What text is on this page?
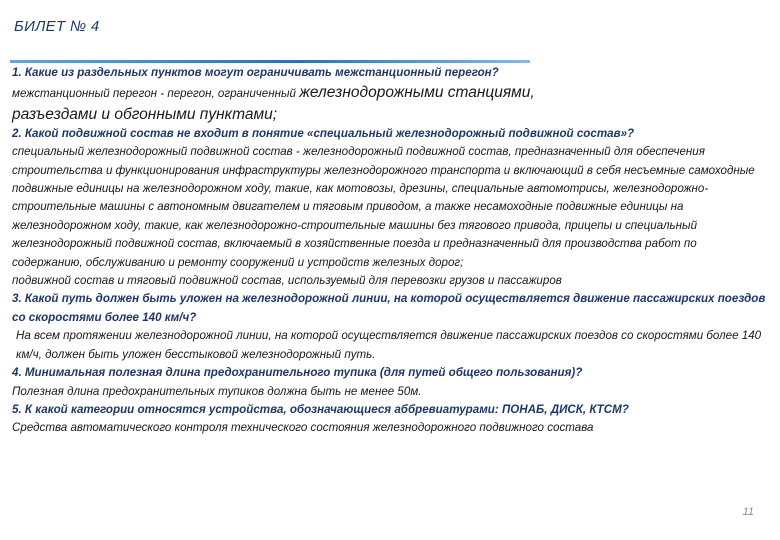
БИЛЕТ № 4

1. Какие из раздельных пунктов могут ограничивать межстанционный перегон?

межстанционный перегон - перегон, ограниченный железнодорожными станциями,

разъездами и обгонными пунктами;

2. Какой подвижной состав не входит в понятие «специальный железнодорожный подвижной состав»?

специальный железнодорожный подвижной состав - железнодорожный подвижной состав, предназначенный для обеспечения строительства и функционирования инфраструктуры железнодорожного транспорта и включающий в себя несъемные самоходные подвижные единицы на железнодорожном ходу, такие, как мотовозы, дрезины, специальные автомотрисы, железнодорожно-строительные машины с автономным двигателем и тяговым приводом, а также несамоходные подвижные единицы на железнодорожном ходу, такие, как железнодорожно-строительные машины без тягового привода, прицепы и специальный железнодорожный подвижной состав, включаемый в хозяйственные поезда и предназначенный для производства работ по содержанию, обслуживанию и ремонту сооружений и устройств железных дорог;

подвижной состав и тяговый подвижной состав, используемый для перевозки грузов и пассажиров

3. Какой путь должен быть уложен на железнодорожной линии, на которой осуществляется движение пассажирских поездов со скоростями более 140 км/ч?

На всем протяжении железнодорожной линии, на которой осуществляется движение пассажирских поездов со скоростями более 140 км/ч, должен быть уложен бесстыковой железнодорожный путь.

4. Минимальная полезная длина предохранительного тупика (для путей общего пользования)?

Полезная длина предохранительных тупиков должна быть не менее 50м.

5. К какой категории относятся устройства, обозначающиеся аббревиатурами: ПОНАБ, ДИСК, КТСМ?

Средства автоматического контроля технического состояния железнодорожного подвижного состава

11
